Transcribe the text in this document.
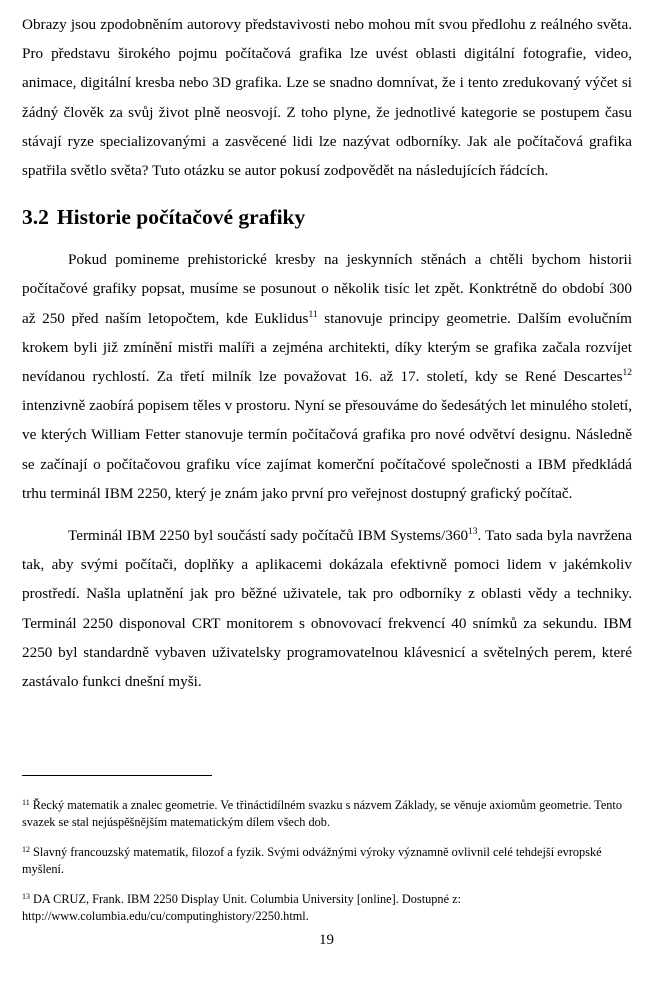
Obrazy jsou zpodobněním autorovy představivosti nebo mohou mít svou předlohu z reálného světa. Pro představu širokého pojmu počítačová grafika lze uvést oblasti digitální fotografie, video, animace, digitální kresba nebo 3D grafika. Lze se snadno domnívat, že i tento zredukovaný výčet si žádný člověk za svůj život plně neosvojí. Z toho plyne, že jednotlivé kategorie se postupem času stávají ryze specializovanými a zasvěcené lidi lze nazývat odborníky. Jak ale počítačová grafika spatřila světlo světa? Tuto otázku se autor pokusí zodpovědět na následujících řádcích.

3.2 Historie počítačové grafiky

Pokud pomineme prehistorické kresby na jeskynních stěnách a chtěli bychom historii počítačové grafiky popsat, musíme se posunout o několik tisíc let zpět. Konktrétně do období 300 až 250 před naším letopočtem, kde Euklidus$^{11}$ stanovuje principy geometrie. Dalším evolučním krokem byli již zmínění mistři malíři a zejména architekti, díky kterým se grafika začala rozvíjet nevídanou rychlostí. Za třetí milník lze považovat 16. až 17. století, kdy se René Descartes$^{12}$ intenzivně zaobírá popisem těles v prostoru. Nyní se přesouváme do šedesátých let minulého století, ve kterých William Fetter stanovuje termín počítačová grafika pro nové odvětví designu. Následně se začínají o počítačovou grafiku více zajímat komerční počítačové společnosti a IBM předkládá trhu terminál IBM 2250, který je znám jako první pro veřejnost dostupný grafický počítač.

Terminál IBM 2250 byl součástí sady počítačů IBM Systems/$360^{13}$. Tato sada byla navržena tak, aby svými počítači, doplňky a aplikacemi dokázala efektivně pomoci lidem v jakémkoliv prostředí. Našla uplatnění jak pro běžné uživatele, tak pro odborníky z oblasti vědy a techniky. Terminál 2250 disponoval CRT monitorem s obnovovací frekvencí 40 snímků za sekundu. IBM 2250 byl standardně vybaven uživatelsky programovatelnou klávesnicí a světelných perem, které zastávalo funkci dnešní myši.

$^{11}$ Řecký matematik a znalec geometrie. Ve třináctidílném svazku s názvem Základy, se věnuje axiomům geometrie. Tento svazek se stal nejúspěšnějším matematickým dílem všech dob.

$^{12}$ Slavný francouzský matematik, filozof a fyzik. Svými odvážnými výroky významně ovlivnil celé tehdejší evropské myšlení.

$^{13}$ DA CRUZ, Frank. IBM 2250 Display Unit. Columbia University [online]. Dostupné z: http://www.columbia.edu/cu/computinghistory/2250.html.

19
